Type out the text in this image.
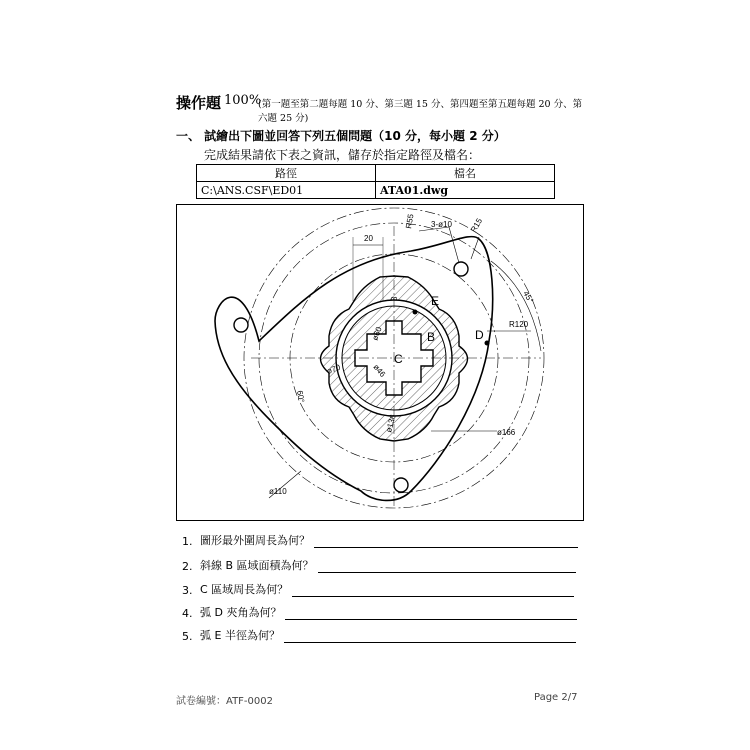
操作題 100%
(第一題至第二題每題 10 分、第三題 15 分、第四題至第五題每題 20 分、第
六題 25 分)
一、 試繪出下圖並回答下列五個問題（10 分，每小題 2 分）
完成結果請依下表之資訊，儲存於指定路徑及檔名：
路徑	檔名
C:\ANS.CSF\ED01	ATA01.dwg
20
R55 3-ø10 R15
45°
8
R120
ø60
ø70	ø46
60°
ø136	ø166
ø110
B
C
D
E
1. 圖形最外圍周長為何？
2. 斜線 B 區域面積為何？
3. C 區域周長為何？
4. 弧 D 夾角為何？
5. 弧 E 半徑為何？
試卷編號：ATF-0002	Page 2/7
